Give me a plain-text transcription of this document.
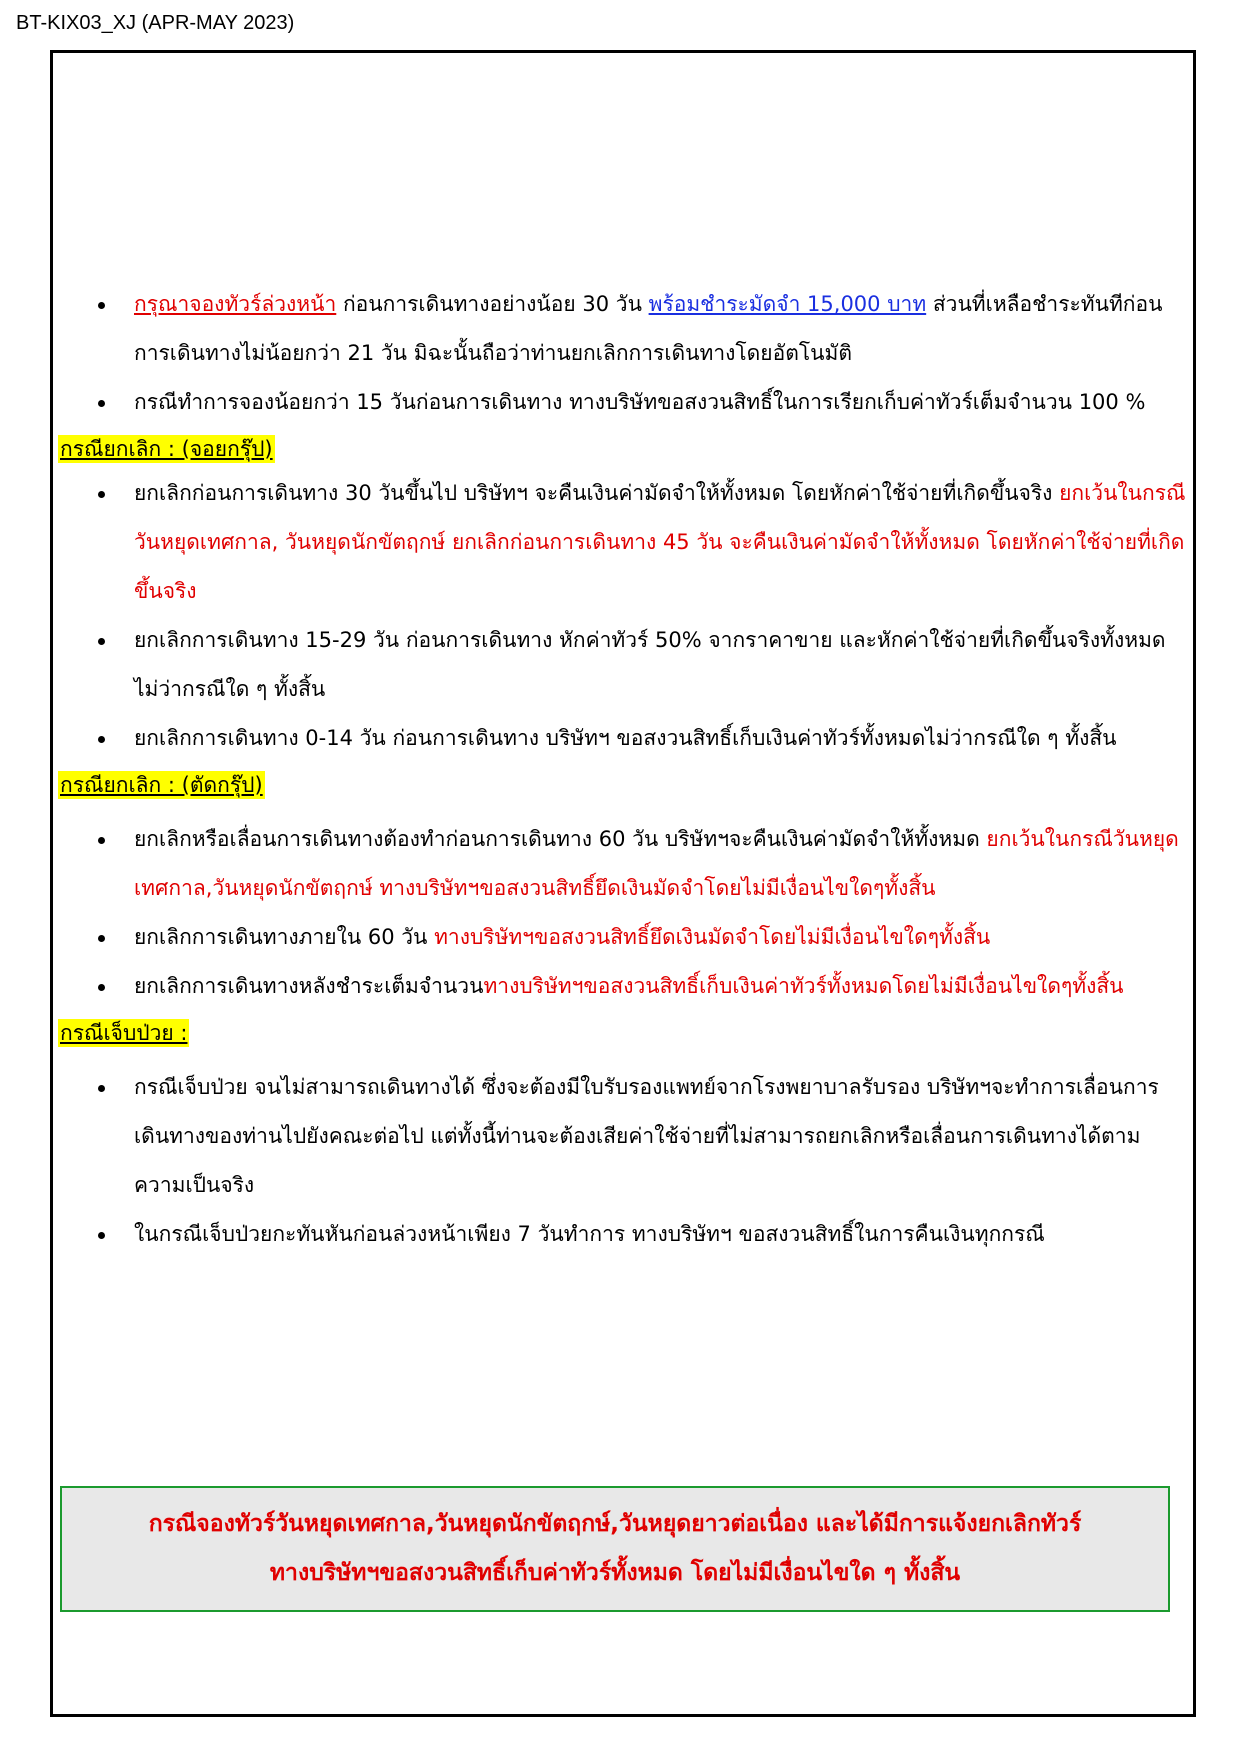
BT-KIX03_XJ (APR-MAY 2023)
กรุณาจองทัวร์ล่วงหน้า ก่อนการเดินทางอย่างน้อย 30 วัน พร้อมชำระมัดจำ 15,000 บาท ส่วนที่เหลือชำระทันทีก่อนการเดินทางไม่น้อยกว่า 21 วัน มิฉะนั้นถือว่าท่านยกเลิกการเดินทางโดยอัตโนมัติ
กรณีทำการจองน้อยกว่า 15 วันก่อนการเดินทาง ทางบริษัทขอสงวนสิทธิ์ในการเรียกเก็บค่าทัวร์เต็มจำนวน 100 %
กรณียกเลิก : (จอยกรุ๊ป)
ยกเลิกก่อนการเดินทาง 30 วันขึ้นไป บริษัทฯ จะคืนเงินค่ามัดจำให้ทั้งหมด โดยหักค่าใช้จ่ายที่เกิดขึ้นจริง ยกเว้นในกรณีวันหยุดเทศกาล, วันหยุดนักขัตฤกษ์ ยกเลิกก่อนการเดินทาง 45 วัน จะคืนเงินค่ามัดจำให้ทั้งหมด โดยหักค่าใช้จ่ายที่เกิดขึ้นจริง
ยกเลิกการเดินทาง 15-29 วัน ก่อนการเดินทาง หักค่าทัวร์ 50% จากราคาขาย และหักค่าใช้จ่ายที่เกิดขึ้นจริงทั้งหมดไม่ว่ากรณีใด ๆ ทั้งสิ้น
ยกเลิกการเดินทาง 0-14 วัน ก่อนการเดินทาง บริษัทฯ ขอสงวนสิทธิ์เก็บเงินค่าทัวร์ทั้งหมดไม่ว่ากรณีใด ๆ ทั้งสิ้น
กรณียกเลิก : (ตัดกรุ๊ป)
ยกเลิกหรือเลื่อนการเดินทางต้องทำก่อนการเดินทาง 60 วัน บริษัทฯจะคืนเงินค่ามัดจำให้ทั้งหมด ยกเว้นในกรณีวันหยุดเทศกาล,วันหยุดนักขัตฤกษ์ ทางบริษัทฯขอสงวนสิทธิ์ยึดเงินมัดจำโดยไม่มีเงื่อนไขใดๆทั้งสิ้น
ยกเลิกการเดินทางภายใน 60 วัน ทางบริษัทฯขอสงวนสิทธิ์ยึดเงินมัดจำโดยไม่มีเงื่อนไขใดๆทั้งสิ้น
ยกเลิกการเดินทางหลังชำระเต็มจำนวนทางบริษัทฯขอสงวนสิทธิ์เก็บเงินค่าทัวร์ทั้งหมดโดยไม่มีเงื่อนไขใดๆทั้งสิ้น
กรณีเจ็บป่วย :
กรณีเจ็บป่วย จนไม่สามารถเดินทางได้ ซึ่งจะต้องมีใบรับรองแพทย์จากโรงพยาบาลรับรอง บริษัทฯจะทำการเลื่อนการเดินทางของท่านไปยังคณะต่อไป แต่ทั้งนี้ท่านจะต้องเสียค่าใช้จ่ายที่ไม่สามารถยกเลิกหรือเลื่อนการเดินทางได้ตามความเป็นจริง
ในกรณีเจ็บป่วยกะทันหันก่อนล่วงหน้าเพียง 7 วันทำการ ทางบริษัทฯ ขอสงวนสิทธิ์ในการคืนเงินทุกกรณี
กรณีจองทัวร์วันหยุดเทศกาล,วันหยุดนักขัตฤกษ์,วันหยุดยาวต่อเนื่อง และได้มีการแจ้งยกเลิกทัวร์
ทางบริษัทฯขอสงวนสิทธิ์เก็บค่าทัวร์ทั้งหมด โดยไม่มีเงื่อนไขใด ๆ ทั้งสิ้น
